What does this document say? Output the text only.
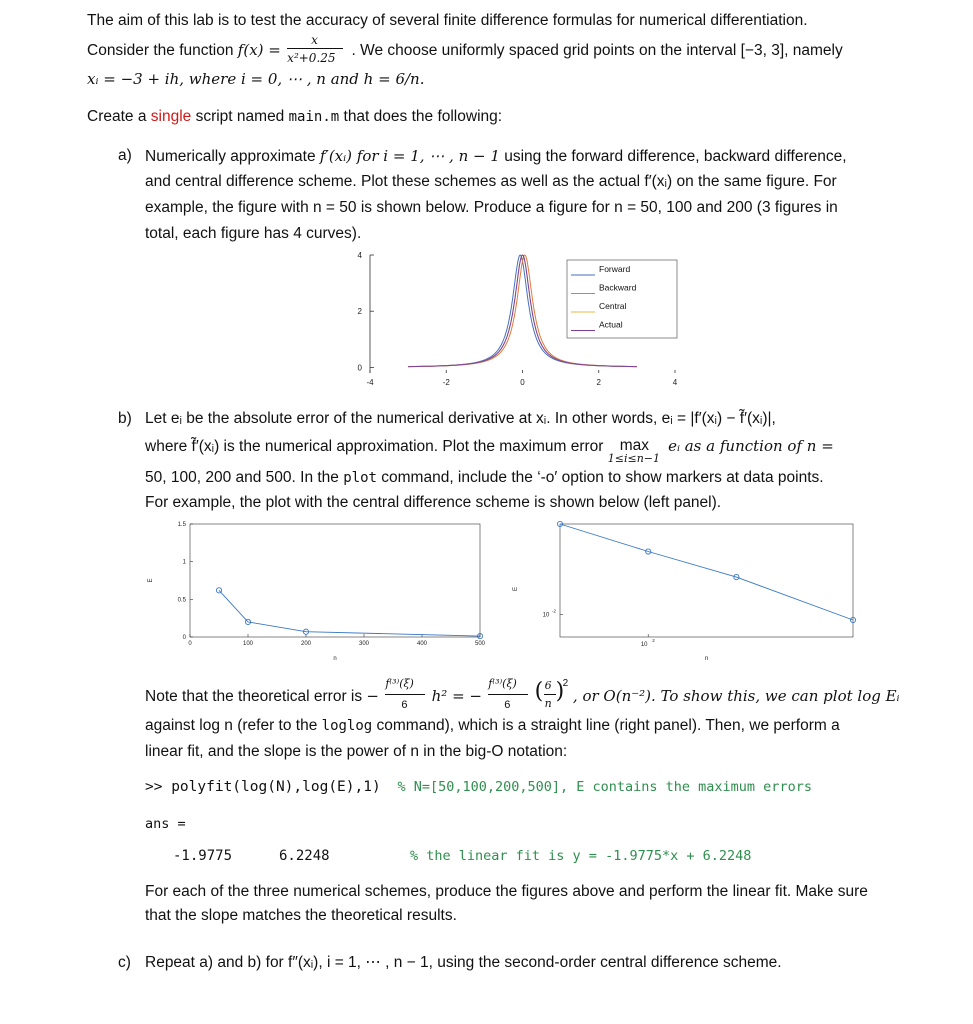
The aim of this lab is to test the accuracy of several finite difference formulas for numerical differentiation.
Consider the function $f(x) = \frac{x}{\text{x²+0.25}}$ . We choose uniformly spaced grid points on the interval [−3, 3], namely
xᵢ = −3 + ih, where i = 0, ⋯ , n and h = 6/n.
Create a single script named main.m that does the following:
a) Numerically approximate f′(xᵢ) for i = 1, ⋯ , n − 1 using the forward difference, backward difference,
and central difference scheme. Plot these schemes as well as the actual f′(xᵢ) on the same figure. For
example, the figure with n = 50 is shown below. Produce a figure for n = 50, 100 and 200 (3 figures in
total, each figure has 4 curves).
0
2
4
-4	-2	0	2	4
Forward
Backward
Central
Actual
b) Let eᵢ be the absolute error of the numerical derivative at xᵢ. In other words, eᵢ = |f′(xᵢ) − f̃′(xᵢ)|,
where f̃′(xᵢ) is the numerical approximation. Plot the maximum error max
1≤i≤n−1
eᵢ as a function of n =
50, 100, 200 and 500. In the plot command, include the ‘-o′ option to show markers at data points.
For example, the plot with the central difference scheme is shown below (left panel).
0
0.5
1
1.5
0	100	200	300	400	500
n
E
10
2
10
-2
n
E
Note that the theoretical error is − $\frac{\text{f⁽³⁾(ξ)}}{6} h^2$ = − $\frac{\text{f⁽³⁾(ξ)}}{6}$
( 6
n )
2
, or O(n⁻²). To show this, we can plot log Eᵢ
against log n (refer to the loglog command), which is a straight line (right panel). Then, we perform a
linear fit, and the slope is the power of n in the big-O notation:
>> polyfit(log(N),log(E),1) % N=[50,100,200,500], E contains the maximum errors
ans =
-1.9775	6.2248	% the linear fit is y = -1.9775*x + 6.2248
For each of the three numerical schemes, produce the figures above and perform the linear fit. Make sure
that the slope matches the theoretical results.
c) Repeat a) and b) for f″(xᵢ), i = 1, ⋯ , n − 1, using the second-order central difference scheme.
